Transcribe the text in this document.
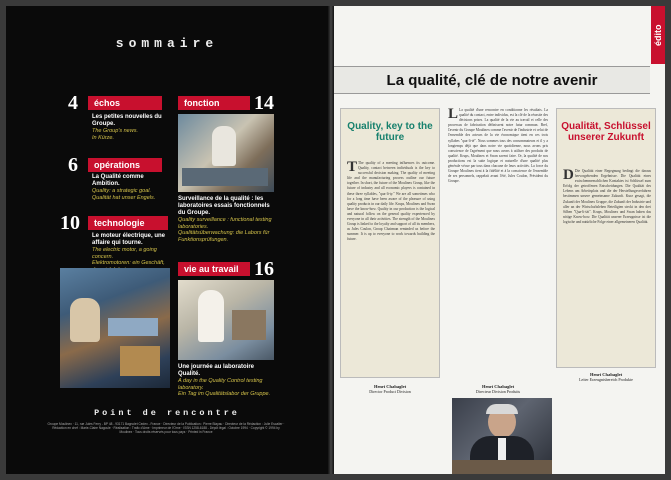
sommaire
4	échos
Les petites nouvelles du Groupe.
The Group's news.
In Kürze.
6	opérations
La Qualité comme Ambition.
Quality: a strategic goal.
Qualität hat unser Engels.
10	technologie
Le moteur électrique, une affaire qui tourne.
The electric motor, a going concern.
Elektromotoren: ein Geschäft,
fonction	14
Surveillance de la qualité : les laboratoires essais fonctionnels du Groupe.
Quality surveillance : functional testing laboratories.
Qualitätsüberwachung: die Labors für Funktionsprüfungen.
vie au travail 16
Une journée au laboratoire Qualité.
A day in the Quality Control testing laboratory.
Ein Tag im Qualitätslabor der Gruppe.
Point de rencontre
Groupe Moulinex · 11, rue Jules Ferry - BP 48 - 93171 Bagnolet Cedex - France · Directeur de la Publication : Pierre Blayau · Directeur de la Rédaction : Julie Escalier · Rédaction en chef : Marie-Claire Nagoule · Réalisation : Trafic d'Ame · Imprimeur de l'Orne · ISSN 1258-6188 - Dépôt légal : Octobre 1994 · Copyright © 1994 by Moulinex · Tous droits réservés pour tous pays · Printed in France
édito
La qualité, clé de notre avenir
Quality, key to the future
T The quality of a meeting influences its outcome. Quality, contact between individuals is the key to successful decision making. The quality of meeting life and the manufacturing process outline our future together. In short, the future of the Moulinex Group, like the future of industry and all economic players is contained in these three syllables, "qua-li-ty." We are all sometimes who for a long time have been aware of the pleasure of using quality products in our daily life. Krups, Moulinex and Swan have the know-how. Quality in our production is the logical and natural follow on the general quality experienced by everyone in all their activities. The strength of the Moulinex Group is linked to the loyalty and support of all its members, as Jules Coulon, Group Chairman reminded us before the summer. It is up to everyone to work towards building the future.
Henri Chabaglet
Director Product Division
L La qualité d'une rencontre en conditionne les résultats. La qualité du contact, entre individus, est la clé de la réussite des décisions prises. La qualité de la vie au travail et celle des processus de fabrication définissent notre futur commun. Bref, l'avenir du Groupe Moulinex comme l'avenir de l'industrie et celui de l'ensemble des acteurs de la vie économique tient en ces trois syllabes "qua-li-té". Nous sommes tous des consommateurs et il y a longtemps déjà que dans notre vie quotidienne, nous avons pris conscience de l'agrément que nous avons à utiliser des produits de qualité. Krups, Moulinex et Swan savent faire. Or, la qualité de nos productions est la suite logique et naturelle d'une qualité plus générale vécue par tous dans chacune de leurs activités. La force du Groupe Moulinex tient à la fidélité et à la conscience de l'ensemble de ses personnels, rappelait avant l'été, Jules Coulon, Président du Groupe.
Henri Chabaglet
Directeur Division Produits
Qualität, Schlüssel unserer Zukunft
D Die Qualität einer Begegnung bedingt die daraus hervorgehenden Ergebnisse. Die Qualität eines zwischenmenschlichen Kontaktes ist Schlüssel zum Erfolg der getroffenen Entscheidungen. Die Qualität des Lebens am Arbeitsplatz und die der Herstellungsverfahren bestimmen unsere gemeinsame Zukunft. Kurz gesagt, die Zukunft der Moulinex Gruppe, die Zukunft der Industrie und aller an der Wirtschaftsleben Beteiligten steckt in den drei Silben "Qua-li-tät". Krups, Moulinex und Swan haben das nötige Know-how. Die Qualität unserer Erzeugnisse ist die logische und natürliche Folge einer allgemeineren Qualität.
Henri Chabaglet
Leiter Erzeugnisbereich Produkte
